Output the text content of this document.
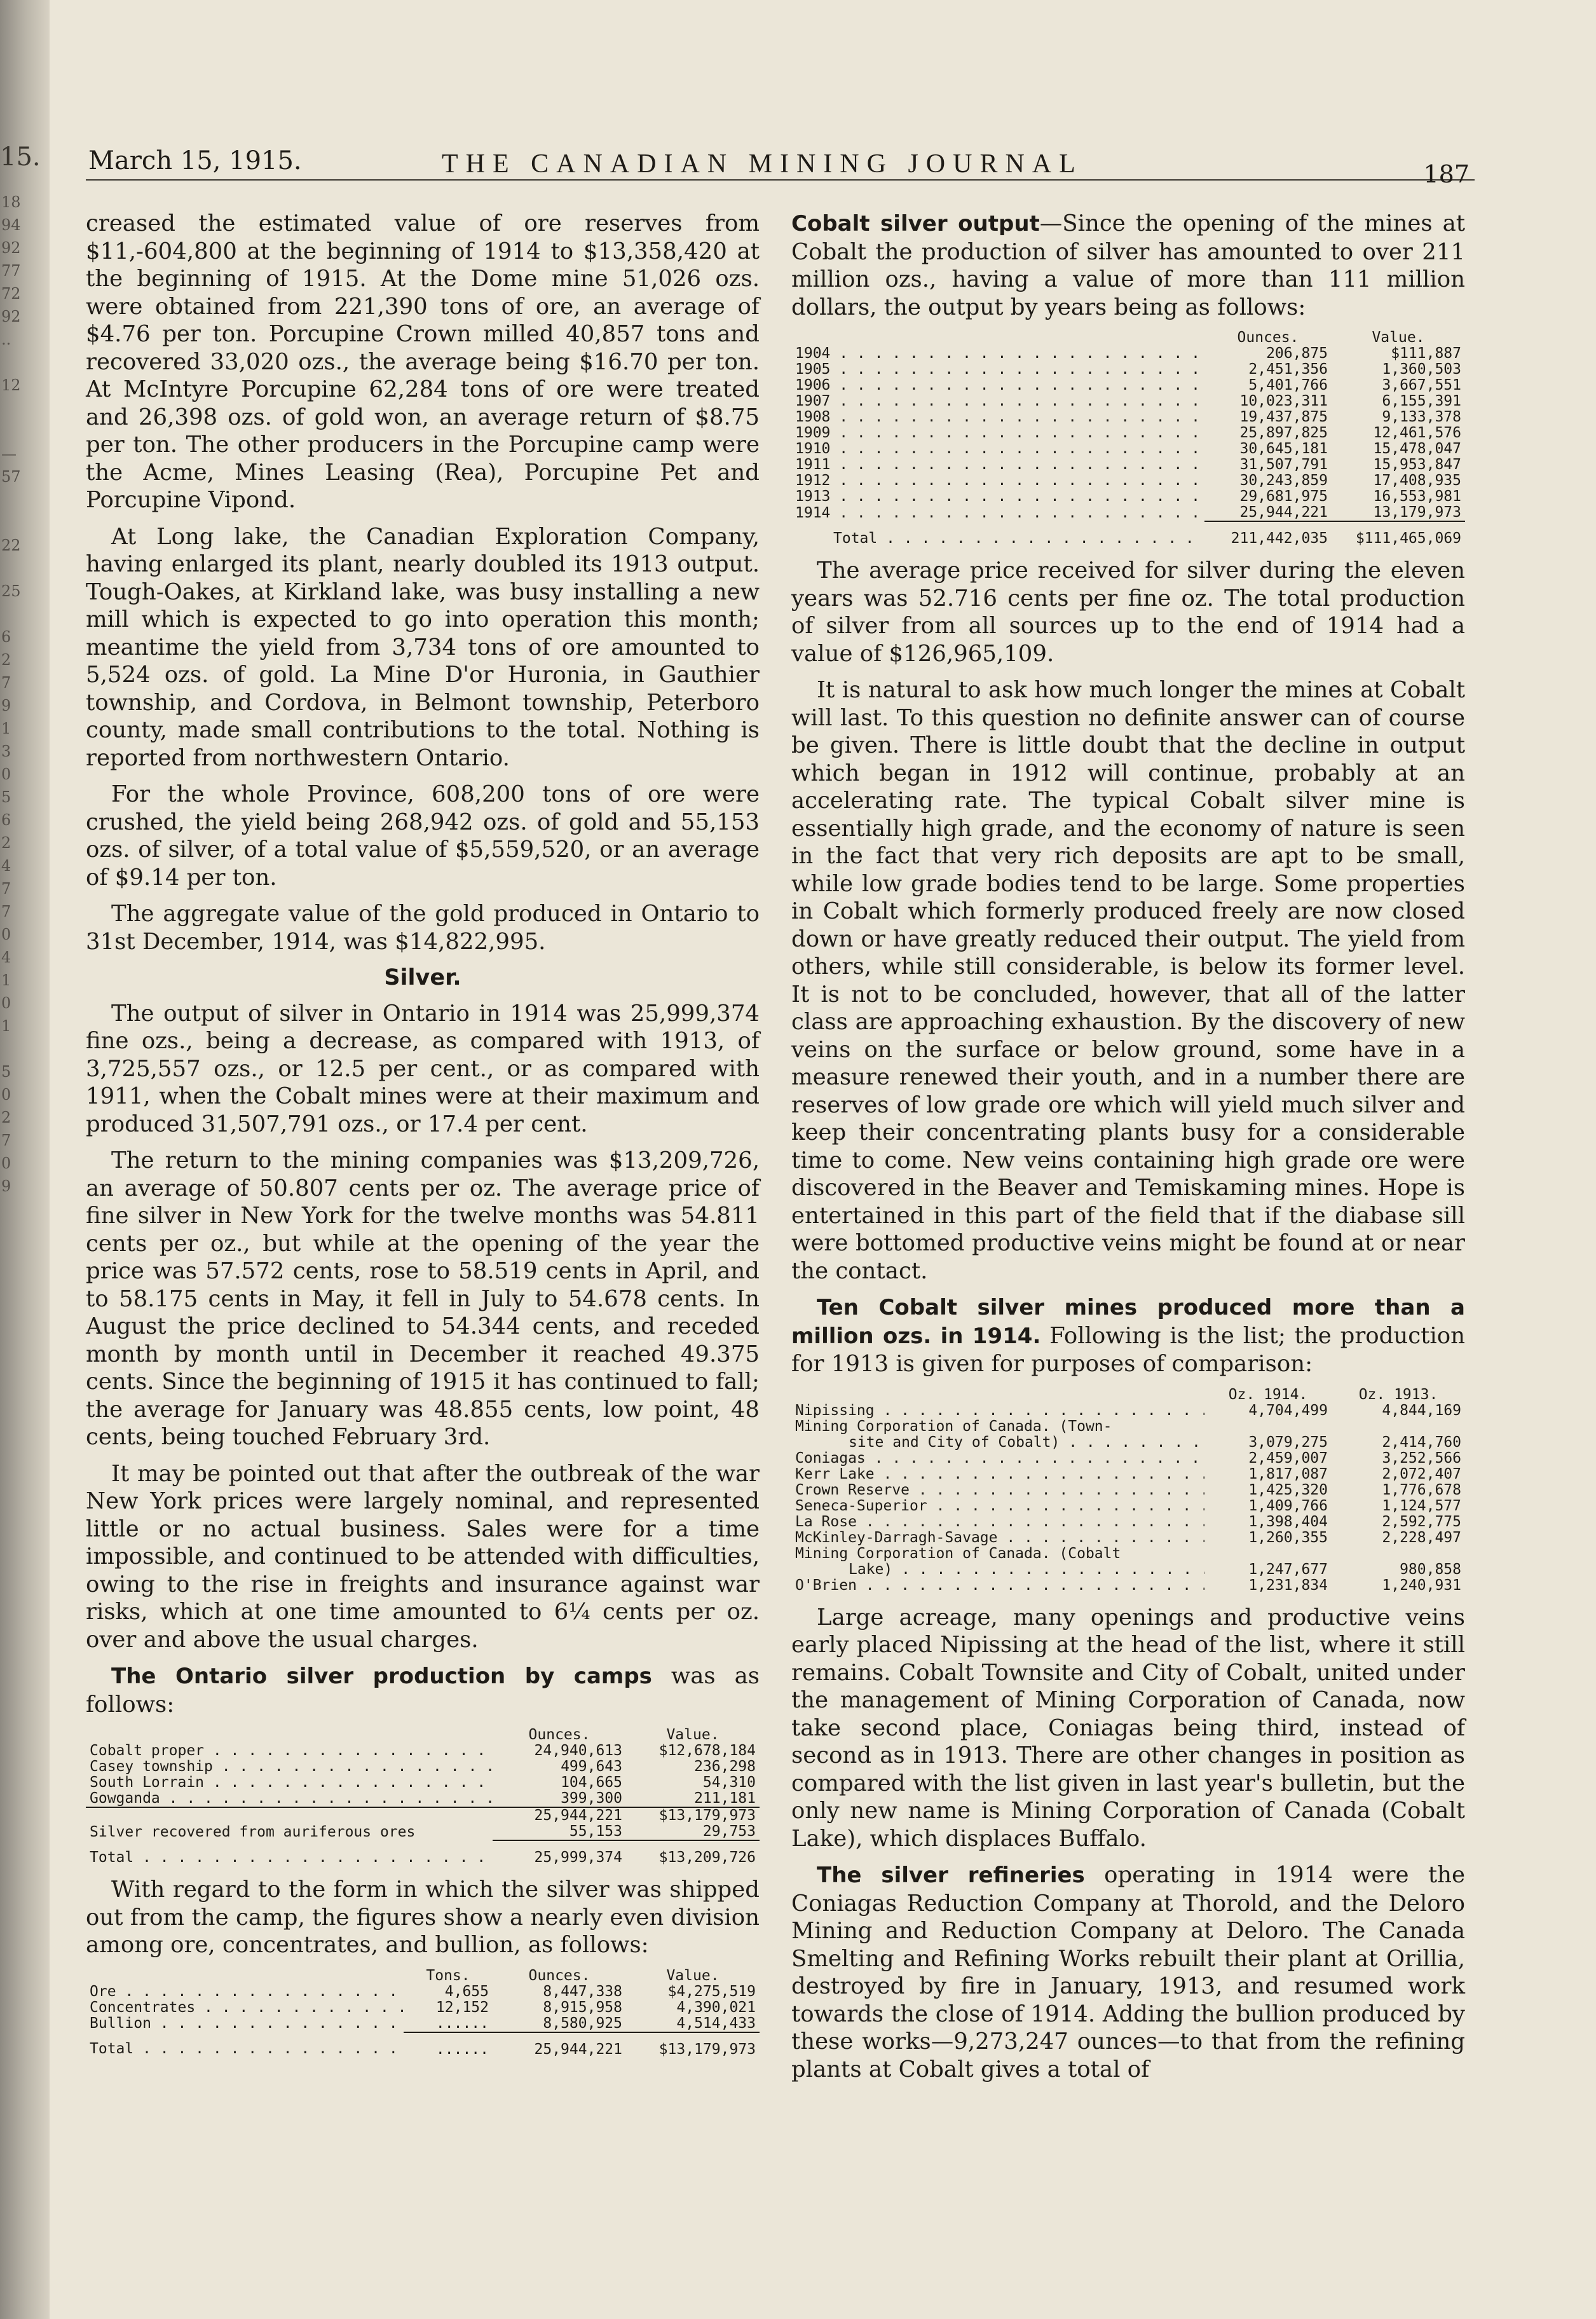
15.
18
94
92
77
72
92
..
12
—
57
22
25
6
2
7
9
1
3
0
5
6
2
4
7
7
0
4
1
0
1
5
0
2
7
0
9
March 15, 1915.	THE CANADIAN MINING JOURNAL	187

creased the estimated value of ore reserves from $11,-604,800 at the beginning of 1914 to $13,358,420 at the beginning of 1915. At the Dome mine 51,026 ozs. were obtained from 221,390 tons of ore, an average of $4.76 per ton. Porcupine Crown milled 40,857 tons and recovered 33,020 ozs., the average being $16.70 per ton. At McIntyre Porcupine 62,284 tons of ore were treated and 26,398 ozs. of gold won, an average return of $8.75 per ton. The other producers in the Porcupine camp were the Acme, Mines Leasing (Rea), Porcupine Pet and Porcupine Vipond.

At Long lake, the Canadian Exploration Company, having enlarged its plant, nearly doubled its 1913 output. Tough-Oakes, at Kirkland lake, was busy installing a new mill which is expected to go into operation this month; meantime the yield from 3,734 tons of ore amounted to 5,524 ozs. of gold. La Mine D'or Huronia, in Gauthier township, and Cordova, in Belmont township, Peterboro county, made small contributions to the total. Nothing is reported from northwestern Ontario.

For the whole Province, 608,200 tons of ore were crushed, the yield being 268,942 ozs. of gold and 55,153 ozs. of silver, of a total value of $5,559,520, or an average of $9.14 per ton.

The aggregate value of the gold produced in Ontario to 31st December, 1914, was $14,822,995.

Silver.

The output of silver in Ontario in 1914 was 25,999,374 fine ozs., being a decrease, as compared with 1913, of 3,725,557 ozs., or 12.5 per cent., or as compared with 1911, when the Cobalt mines were at their maximum and produced 31,507,791 ozs., or 17.4 per cent.

The return to the mining companies was $13,209,726, an average of 50.807 cents per oz. The average price of fine silver in New York for the twelve months was 54.811 cents per oz., but while at the opening of the year the price was 57.572 cents, rose to 58.519 cents in April, and to 58.175 cents in May, it fell in July to 54.678 cents. In August the price declined to 54.344 cents, and receded month by month until in December it reached 49.375 cents. Since the beginning of 1915 it has continued to fall; the average for January was 48.855 cents, low point, 48 cents, being touched February 3rd.

It may be pointed out that after the outbreak of the war New York prices were largely nominal, and represented little or no actual business. Sales were for a time impossible, and continued to be attended with difficulties, owing to the rise in freights and insurance against war risks, which at one time amounted to 6¼ cents per oz. over and above the usual charges.

The Ontario silver production by camps was as follows:

	Ounces.	Value.
Cobalt proper . . .	24,940,613	$12,678,184
Casey township . . .	499,643	236,298
South Lorrain . . .	104,665	54,310
Gowganda . . .	399,300	211,181
	25,944,221	$13,179,973
Silver recovered from auriferous ores	55,153	29,753
Total . . .	25,999,374	$13,209,726

With regard to the form in which the silver was shipped out from the camp, the figures show a nearly even division among ore, concentrates, and bullion, as follows:

	Tons.	Ounces.	Value.
Ore . . .	4,655	8,447,338	$4,275,519
Concentrates . . .	12,152	8,915,958	4,390,021
Bullion . . .	......	8,580,925	4,514,433
Total . . .	......	25,944,221	$13,179,973

Cobalt silver output—Since the opening of the mines at Cobalt the production of silver has amounted to over 211 million ozs., having a value of more than 111 million dollars, the output by years being as follows:

	Ounces.	Value.
1904 . . .	206,875	$111,887
1905 . . .	2,451,356	1,360,503
1906 . . .	5,401,766	3,667,551
1907 . . .	10,023,311	6,155,391
1908 . . .	19,437,875	9,133,378
1909 . . .	25,897,825	12,461,576
1910 . . .	30,645,181	15,478,047
1911 . . .	31,507,791	15,953,847
1912 . . .	30,243,859	17,408,935
1913 . . .	29,681,975	16,553,981
1914 . . .	25,944,221	13,179,973
Total . . .	211,442,035	$111,465,069

The average price received for silver during the eleven years was 52.716 cents per fine oz. The total production of silver from all sources up to the end of 1914 had a value of $126,965,109.

It is natural to ask how much longer the mines at Cobalt will last. To this question no definite answer can of course be given. There is little doubt that the decline in output which began in 1912 will continue, probably at an accelerating rate. The typical Cobalt silver mine is essentially high grade, and the economy of nature is seen in the fact that very rich deposits are apt to be small, while low grade bodies tend to be large. Some properties in Cobalt which formerly produced freely are now closed down or have greatly reduced their output. The yield from others, while still considerable, is below its former level. It is not to be concluded, however, that all of the latter class are approaching exhaustion. By the discovery of new veins on the surface or below ground, some have in a measure renewed their youth, and in a number there are reserves of low grade ore which will yield much silver and keep their concentrating plants busy for a considerable time to come. New veins containing high grade ore were discovered in the Beaver and Temiskaming mines. Hope is entertained in this part of the field that if the diabase sill were bottomed productive veins might be found at or near the contact.

Ten Cobalt silver mines produced more than a million ozs. in 1914. Following is the list; the production for 1913 is given for purposes of comparison:

	Oz. 1914.	Oz. 1913.
Nipissing . . .	4,704,499	4,844,169
Mining Corporation of Canada. (Town-		
site and City of Cobalt) . . .	3,079,275	2,414,760
Coniagas . . .	2,459,007	3,252,566
Kerr Lake . . .	1,817,087	2,072,407
Crown Reserve . . .	1,425,320	1,776,678
Seneca-Superior . . .	1,409,766	1,124,577
La Rose . . .	1,398,404	2,592,775
McKinley-Darragh-Savage . . .	1,260,355	2,228,497
Mining Corporation of Canada. (Cobalt		
Lake) . . .	1,247,677	980,858
O'Brien . . .	1,231,834	1,240,931

Large acreage, many openings and productive veins early placed Nipissing at the head of the list, where it still remains. Cobalt Townsite and City of Cobalt, united under the management of Mining Corporation of Canada, now take second place, Coniagas being third, instead of second as in 1913. There are other changes in position as compared with the list given in last year's bulletin, but the only new name is Mining Corporation of Canada (Cobalt Lake), which displaces Buffalo.

The silver refineries operating in 1914 were the Coniagas Reduction Company at Thorold, and the Deloro Mining and Reduction Company at Deloro. The Canada Smelting and Refining Works rebuilt their plant at Orillia, destroyed by fire in January, 1913, and resumed work towards the close of 1914. Adding the bullion produced by these works—9,273,247 ounces—to that from the refining plants at Cobalt gives a total of
